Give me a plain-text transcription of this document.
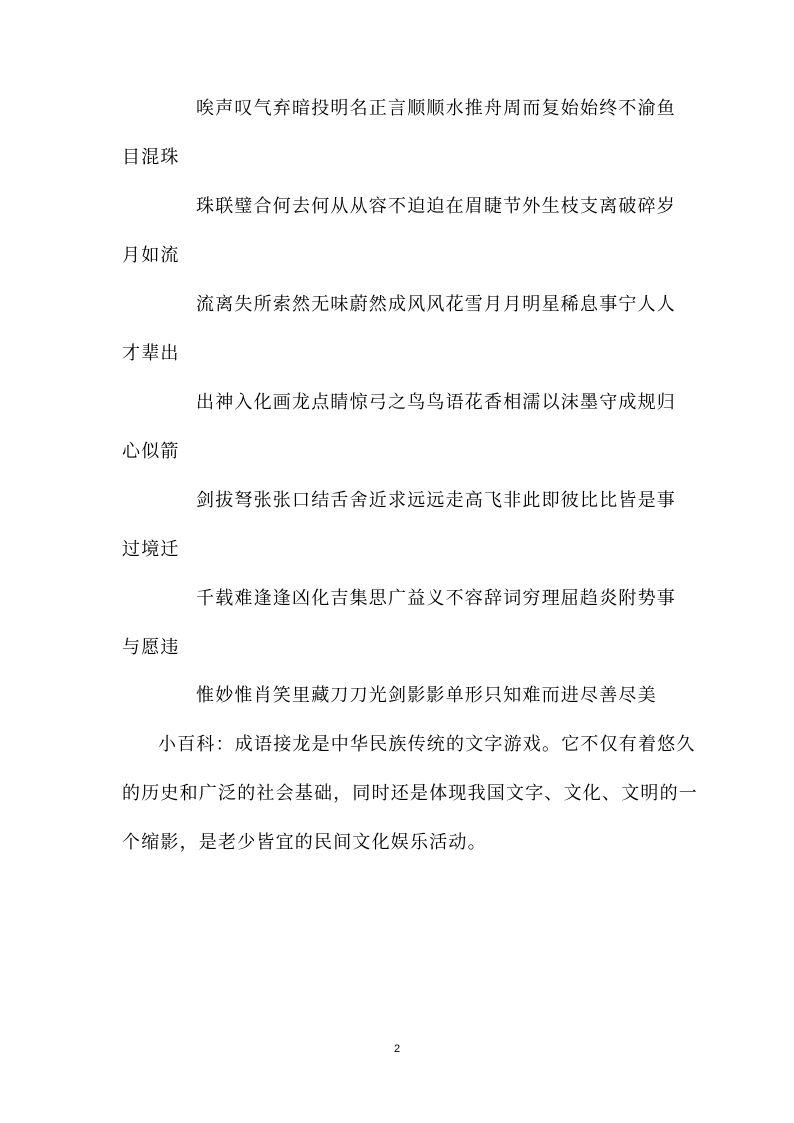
唉声叹气弃暗投明名正言顺顺水推舟周而复始始终不渝鱼
目混珠
珠联璧合何去何从从容不迫迫在眉睫节外生枝支离破碎岁
月如流
流离失所索然无味蔚然成风风花雪月月明星稀息事宁人人
才辈出
出神入化画龙点睛惊弓之鸟鸟语花香相濡以沫墨守成规归
心似箭
剑拔弩张张口结舌舍近求远远走高飞非此即彼比比皆是事
过境迁
千载难逢逢凶化吉集思广益义不容辞词穷理屈趋炎附势事
与愿违
惟妙惟肖笑里藏刀刀光剑影影单形只知难而进尽善尽美
小百科：成语接龙是中华民族传统的文字游戏。它不仅有着悠久
的历史和广泛的社会基础，同时还是体现我国文字、文化、文明的一
个缩影，是老少皆宜的民间文化娱乐活动。
2
